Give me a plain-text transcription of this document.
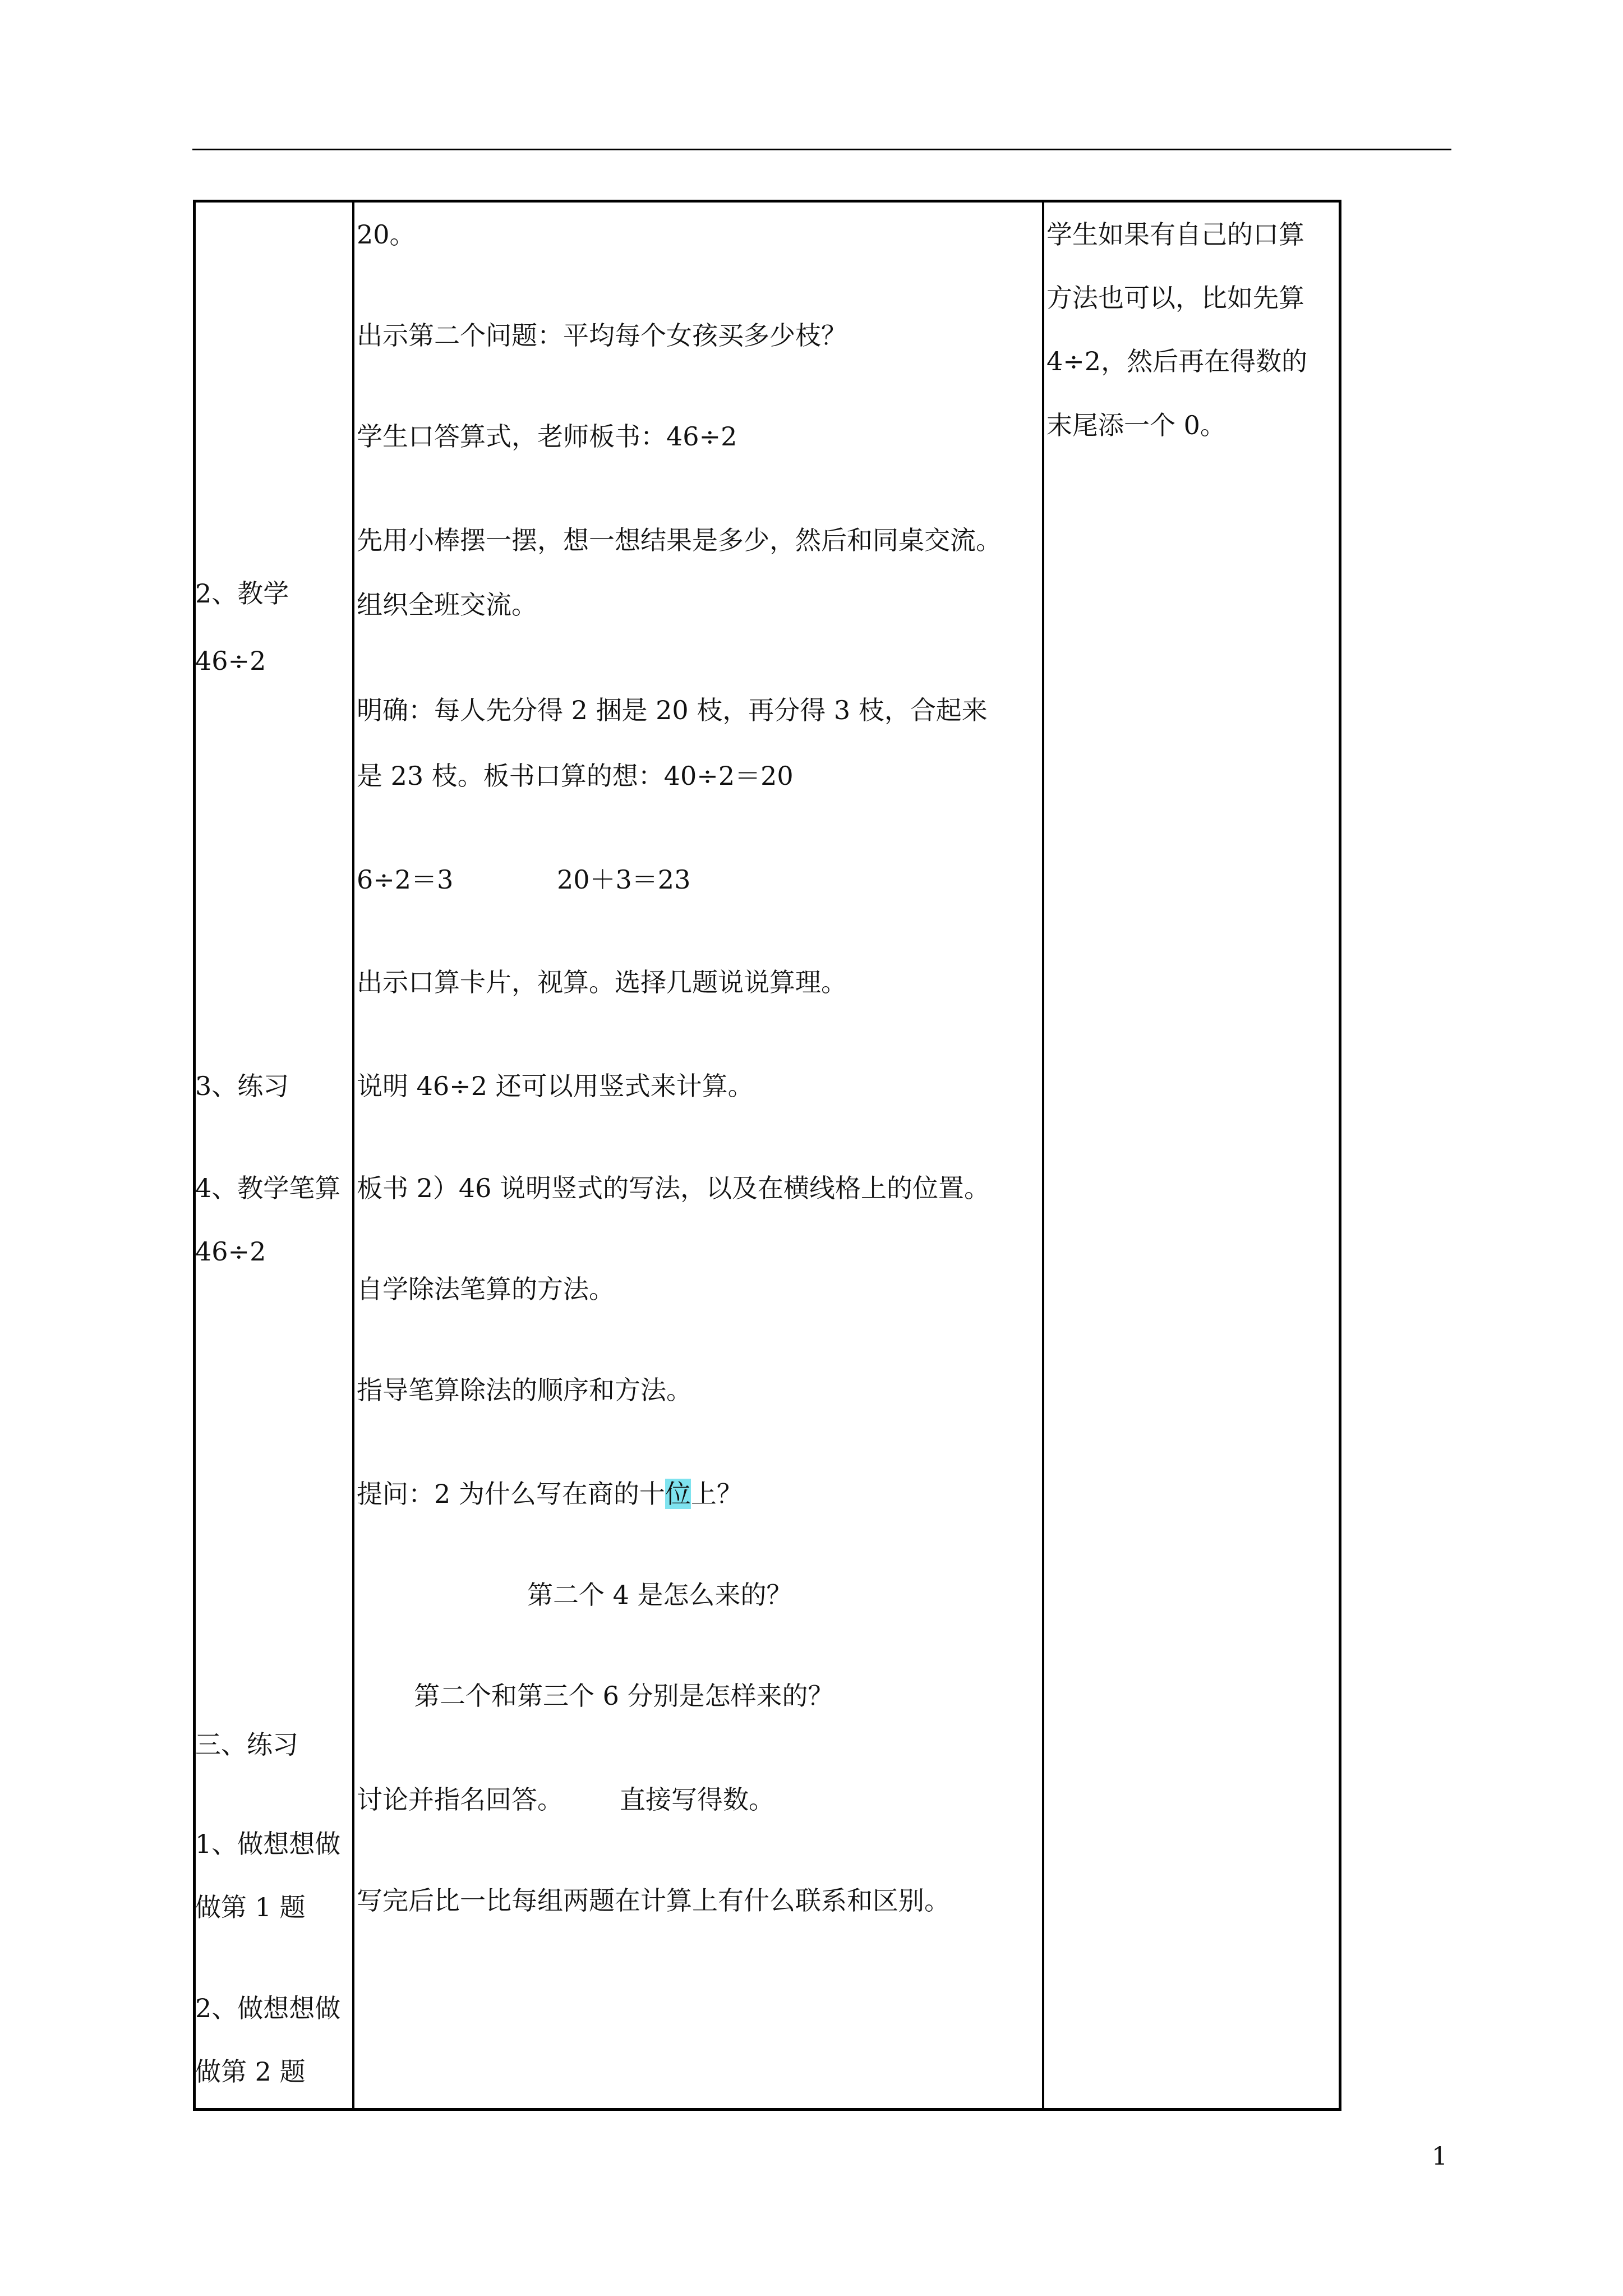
2、教学
46÷2
3、练习
4、教学笔算
46÷2
三、练习
1、做想想做
做第 1 题
2、做想想做
做第 2 题
20。
出示第二个问题：平均每个女孩买多少枝？
学生口答算式，老师板书：46÷2
先用小棒摆一摆，想一想结果是多少，然后和同桌交流。
组织全班交流。
明确：每人先分得 2 捆是 20 枝，再分得 3 枝，合起来
是 23 枝。板书口算的想：40÷2＝20
6÷2＝3	20＋3＝23
出示口算卡片，视算。选择几题说说算理。
说明 46÷2 还可以用竖式来计算。
板书 2）46 说明竖式的写法，以及在横线格上的位置。
自学除法笔算的方法。
指导笔算除法的顺序和方法。
提问：2 为什么写在商的十位上？
第二个 4 是怎么来的？
第二个和第三个 6 分别是怎样来的？
讨论并指名回答。 直接写得数。
写完后比一比每组两题在计算上有什么联系和区别。
学生如果有自己的口算
方法也可以，比如先算
4÷2，然后再在得数的
末尾添一个 0。
1
